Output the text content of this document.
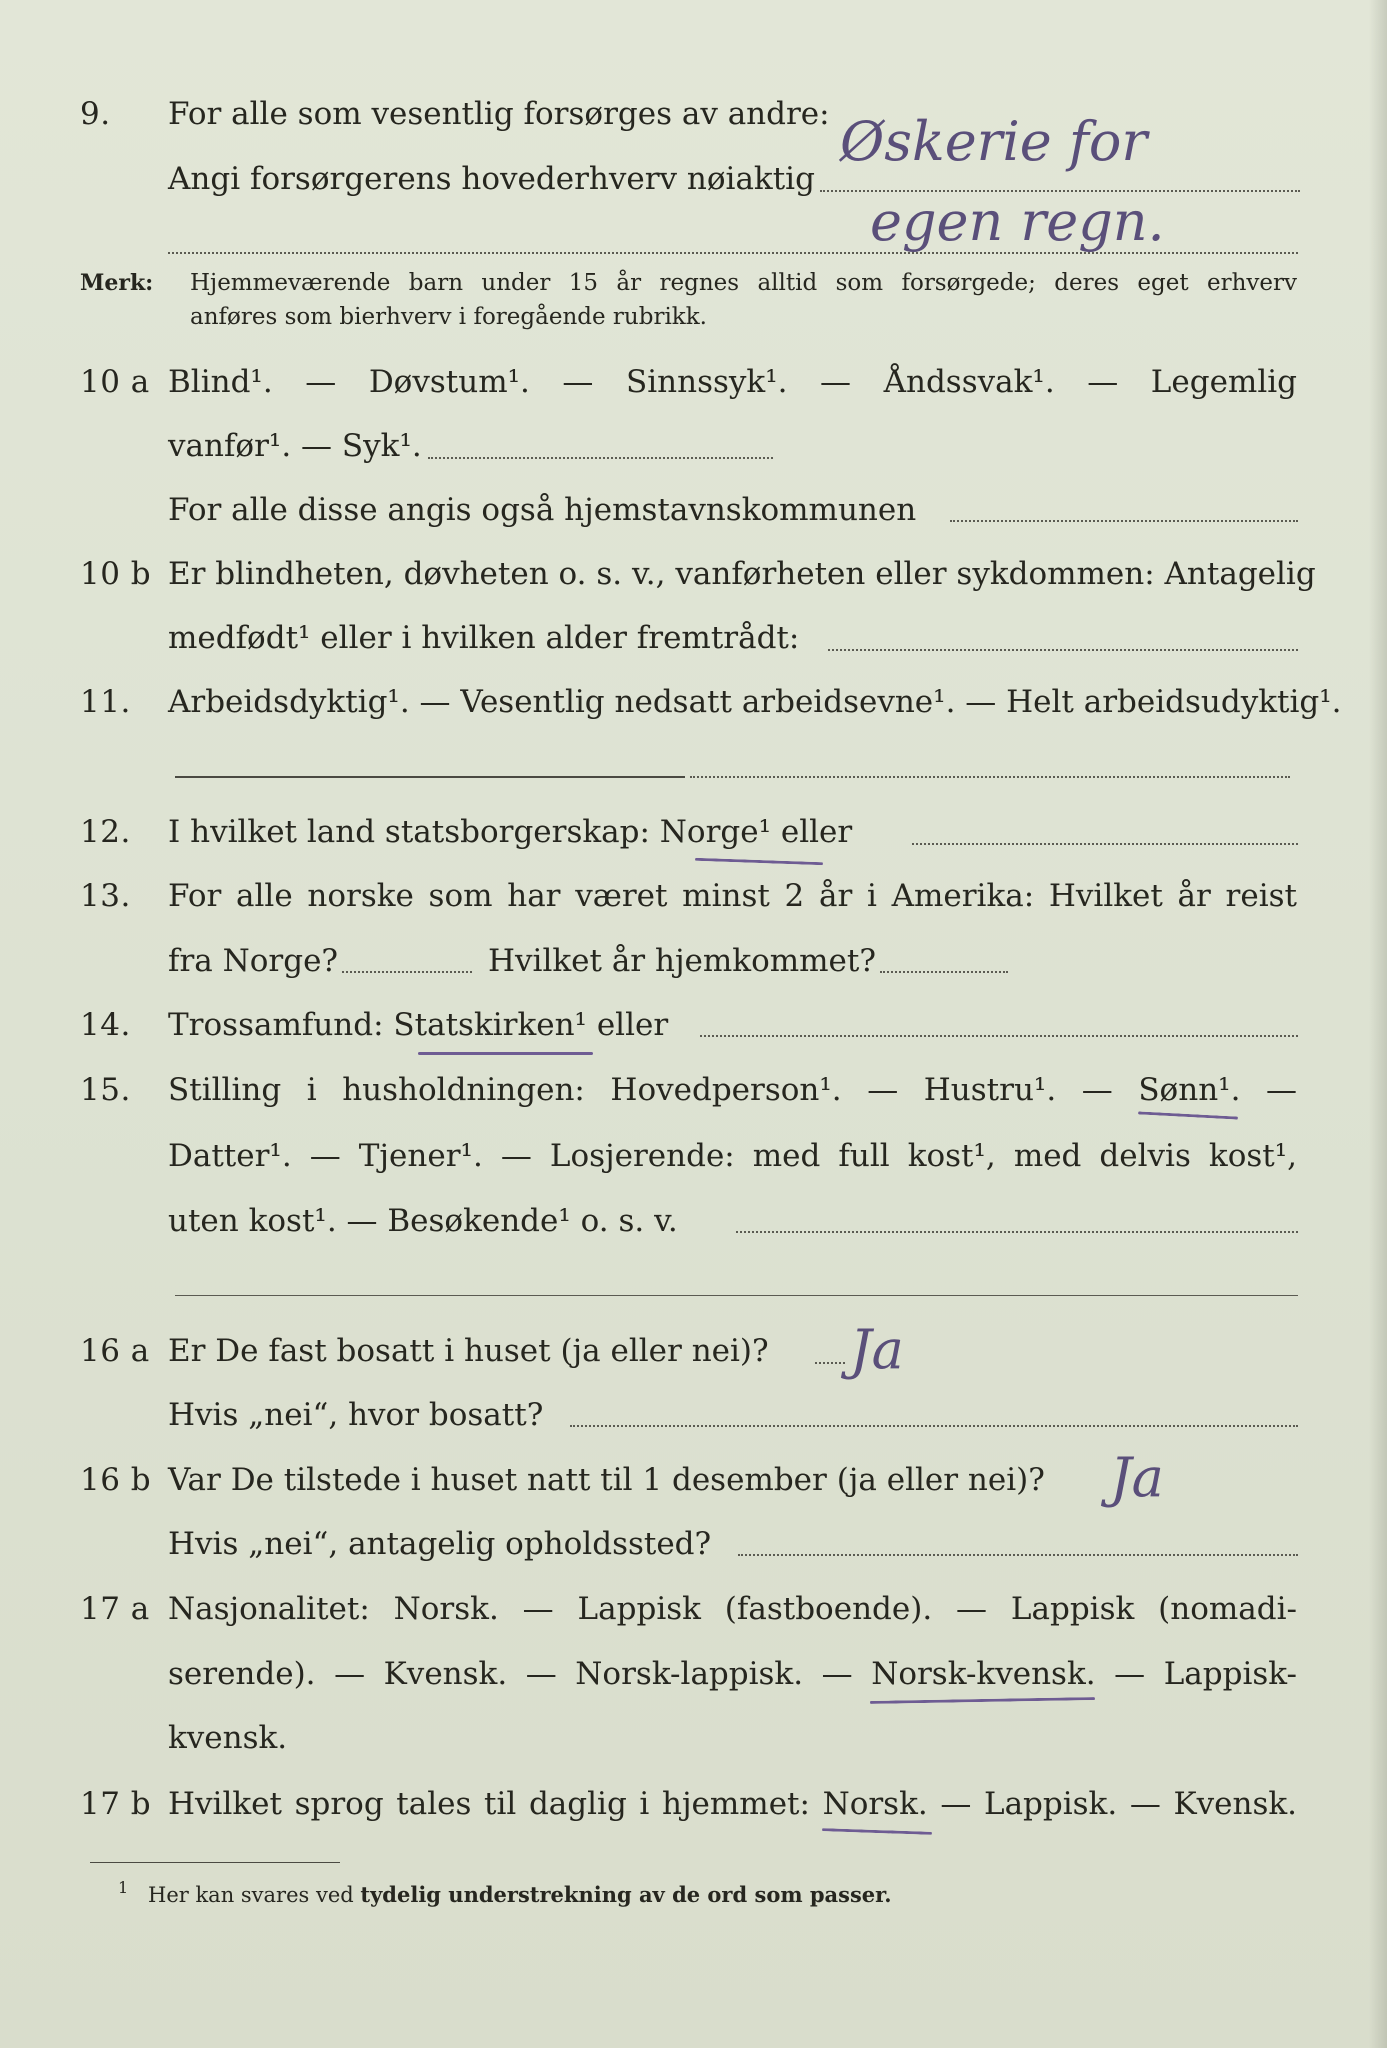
9. For alle som vesentlig forsørges av andre:
Angi forsørgerens hovederhverv nøiaktig
Øskerie for
egen regn.
Merk: Hjemmeværende barn under 15 år regnes alltid som forsørgede; deres eget erhverv
anføres som bierhverv i foregående rubrikk.
10 a Blind¹. — Døvstum¹. — Sinnssyk¹. — Åndssvak¹. — Legemlig
vanfør¹. — Syk¹.
For alle disse angis også hjemstavnskommunen
10 b Er blindheten, døvheten o. s. v., vanførheten eller sykdommen: Antagelig
medfødt¹ eller i hvilken alder fremtrådt:
11. Arbeidsdyktig¹. — Vesentlig nedsatt arbeidsevne¹. — Helt arbeidsudyktig¹.
12. I hvilket land statsborgerskap: Norge¹ eller
13. For alle norske som har været minst 2 år i Amerika: Hvilket år reist
fra Norge?	Hvilket år hjemkommet?
14. Trossamfund: Statskirken¹ eller
15. Stilling i husholdningen: Hovedperson¹. — Hustru¹. — Sønn¹. —
Datter¹. — Tjener¹. — Losjerende: med full kost¹, med delvis kost¹,
uten kost¹. — Besøkende¹ o. s. v.
16 a Er De fast bosatt i huset (ja eller nei)? Ja
Hvis „nei“, hvor bosatt?
16 b Var De tilstede i huset natt til 1 desember (ja eller nei)? Ja
Hvis „nei“, antagelig opholdssted?
17 a Nasjonalitet: Norsk. — Lappisk (fastboende). — Lappisk (nomadi-
serende). — Kvensk. — Norsk-lappisk. — Norsk-kvensk. — Lappisk-
kvensk.
17 b Hvilket sprog tales til daglig i hjemmet: Norsk. — Lappisk. — Kvensk.
1 Her kan svares ved tydelig understrekning av de ord som passer.
